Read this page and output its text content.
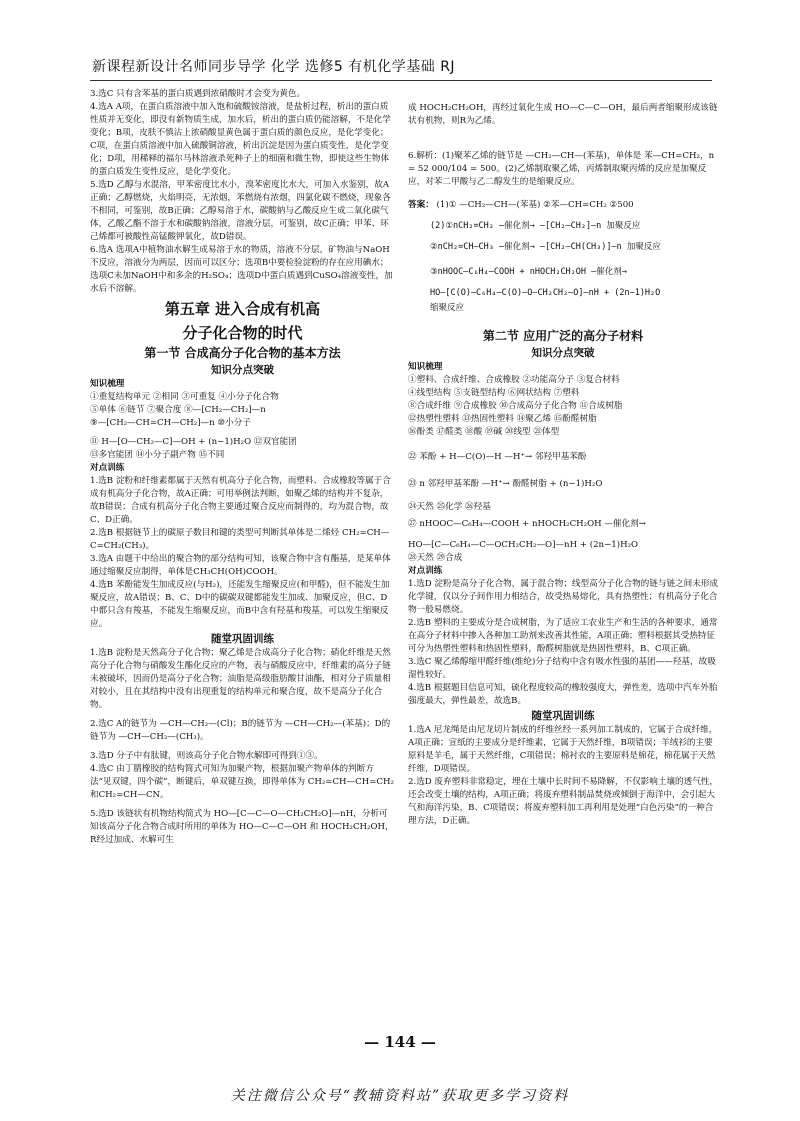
新课程新设计名师同步导学 化学 选修5 有机化学基础 RJ

3.选C 只有含苯基的蛋白质遇到浓硝酸时才会变为黄色。

4.选A A项，在蛋白质溶液中加入饱和硫酸铵溶液，是盐析过程，析出的蛋白质性质并无变化，即没有新物质生成，加水后，析出的蛋白质仍能溶解，不是化学变化；B项，皮肤不慎沾上浓硝酸显黄色属于蛋白质的颜色反应，是化学变化；C项，在蛋白质溶液中加入硫酸铜溶液，析出沉淀是因为蛋白质变性，是化学变化；D项，用稀释的福尔马林溶液杀死种子上的细菌和微生物，即使这些生物体的蛋白质发生变性反应，是化学变化。

5.选D 乙醇与水混溶，甲苯密度比水小，溴苯密度比水大，可加入水鉴别，故A正确；乙醇燃烧，火焰明亮，无浓烟，苯燃烧有浓烟，四氯化碳不燃烧，现象各不相同，可鉴别，故B正确；乙醇易溶于水，碳酸钠与乙酸反应生成二氧化碳气体，乙酸乙酯不溶于水和碳酸钠溶液，溶液分层，可鉴别，故C正确；甲苯、环己烯都可被酸性高锰酸钾氧化，故D错误。

6.选A 选项A中植物油水解生成易溶于水的物质，溶液不分层，矿物油与NaOH不反应，溶液分为两层，因而可以区分；选项B中要检验淀粉的存在应用碘水；选项C未加NaOH中和多余的H₂SO₄；选项D中蛋白质遇到CuSO₄溶液变性，加水后不溶解。

第五章 进入合成有机高
分子化合物的时代
第一节 合成高分子化合物的基本方法
知识分点突破
知识梳理

①重复结构单元 ②相同 ③可重复 ④小分子化合物

⑤单体 ⑥链节 ⑦聚合度 ⑧—[CH₂—CH₂]—n

⑨—[CH₂—CH=CH—CH₂]—n ⑩小分子

⑪ H—[O—CH₂—C]—OH + (n−1)H₂O ⑫双官能团

⑬多官能团 ⑭小分子副产物 ⑮不同

对点训练

1.选B 淀粉和纤维素都属于天然有机高分子化合物，而塑料、合成橡胶等属于合成有机高分子化合物，故A正确；可用举例法判断，如聚乙烯的结构并不复杂，故B错误；合成有机高分子化合物主要通过聚合反应而制得的，均为混合物，故C、D正确。

2.选B 根据链节上的碳原子数目和键的类型可判断其单体是二烯烃 CH₂=CH—C=CH₂(CH₃)。

3.选A 由题干中给出的聚合物的部分结构可知，该聚合物中含有酯基，是某单体通过缩聚反应制得，单体是CH₃CH(OH)COOH。

4.选B 苯酚能发生加成反应(与H₂)，还能发生缩聚反应(和甲醛)，但不能发生加聚反应，故A错误；B、C、D中的碳碳双键都能发生加成、加聚反应，但C、D中都只含有羧基，不能发生缩聚反应，而B中含有羟基和羧基，可以发生缩聚反应。

随堂巩固训练

1.选B 淀粉是天然高分子化合物；聚乙烯是合成高分子化合物；硝化纤维是天然高分子化合物与硝酸发生酯化反应的产物，表与硝酸反应中，纤维素的高分子链未被破坏，因而仍是高分子化合物；油脂是高级脂肪酸甘油酯，相对分子质量相对较小，且在其结构中没有出现重复的结构单元和聚合度，故不是高分子化合物。

2.选C A的链节为 —CH—CH₂—(Cl)；B的链节为 —CH—CH₂—(苯基)；D的链节为 —CH—CH₂—(CH₃)。

3.选D 分子中有肽键，则该高分子化合物水解即可得到①③。

4.选C 由丁腈橡胶的结构简式可知为加聚产物，根据加聚产物单体的判断方法“见双键，四个碳”，断键后，单双键互换，即得单体为 CH₂=CH—CH=CH₂和CH₂=CH—CN。

5.选D 该链状有机物结构简式为 HO—[C—C—O—CH₂CH₂O]—nH，分析可知该高分子化合物合成时所用的单体为 HO—C—C—OH 和 HOCH₂CH₂OH，R经过加成、水解可生

成 HOCH₂CH₂OH，再经过氧化生成 HO—C—C—OH，最后两者缩聚形成该链状有机物，则R为乙烯。

6.解析：(1)聚苯乙烯的链节是 —CH₂—CH—(苯基)，单体是 苯—CH=CH₂，n = 52 000/104 = 500。(2)乙烯制取聚乙烯，丙烯制取聚丙烯的反应是加聚反应，对苯二甲酸与乙二醇发生的是缩聚反应。

答案： (1)① —CH₂—CH—(苯基) ②苯—CH=CH₂ ②500
(2)①nCH₂=CH₂ —催化剂→ —[CH₂—CH₂]—n 加聚反应
②nCH₂=CH—CH₃ —催化剂→ —[CH₂—CH(CH₃)]—n 加聚反应
③nHOOC—C₆H₄—COOH + nHOCH₂CH₂OH —催化剂→
HO—[C(O)—C₆H₄—C(O)—O—CH₂CH₂—O]—nH + (2n−1)H₂O
缩聚反应
第二节 应用广泛的高分子材料
知识分点突破
知识梳理

①塑料、合成纤维、合成橡胶 ②功能高分子 ③复合材料

④线型结构 ⑤支链型结构 ⑥网状结构 ⑦塑料

⑧合成纤维 ⑨合成橡胶 ⑩合成高分子化合物 ⑪合成树脂

⑫热塑性塑料 ⑬热固性塑料 ⑭聚乙烯 ⑮酚醛树脂

⑯酚类 ⑰醛类 ⑱酸 ⑲碱 ⑳线型 ㉑体型

㉒ 苯酚 + H—C(O)—H —H⁺→ 邻羟甲基苯酚

㉓ n 邻羟甲基苯酚 —H⁺→ 酚醛树脂 + (n−1)H₂O

㉔天然 ㉕化学 ㉖羟基

㉗ nHOOC—C₆H₄—COOH + nHOCH₂CH₂OH —催化剂→

HO—[C—C₆H₄—C—OCH₂CH₂—O]—nH + (2n−1)H₂O

㉘天然 ㉙合成

对点训练

1.选D 淀粉是高分子化合物，属于混合物；线型高分子化合物的链与链之间未形成化学键，仅以分子间作用力相结合，故受热易熔化，具有热塑性；有机高分子化合物一般易燃烧。

2.选B 塑料的主要成分是合成树脂，为了适应工农业生产和生活的各种要求，通常在高分子材料中掺入各种加工助剂来改善其性能，A项正确；塑料根据其受热特征可分为热塑性塑料和热固性塑料，酚醛树脂就是热固性塑料，B、C项正确。

3.选C 聚乙烯醇缩甲醛纤维(维纶)分子结构中含有吸水性强的基团——羟基，故吸湿性较好。

4.选B 根据题目信息可知，硫化程度较高的橡胶强度大，弹性差，选项中汽车外胎强度最大，弹性最差，故选B。

随堂巩固训练

1.选A 尼龙绳是由尼龙切片制成的纤维丝经一系列加工制成的，它属于合成纤维，A项正确；宣纸的主要成分是纤维素，它属于天然纤维，B项错误；羊绒衫的主要原料是羊毛，属于天然纤维，C项错误；棉衬衣的主要原料是棉花，棉花属于天然纤维，D项错误。

2.选D 废弃塑料非常稳定，埋在土壤中长时间不易降解，不仅影响土壤的透气性，还会改变土壤的结构，A项正确；将废弃塑料制品焚烧或倾倒于海洋中，会引起大气和海洋污染，B、C项错误；将废弃塑料加工再利用是处理“白色污染”的一种合理方法，D正确。

— 144 —
关注微信公众号“教辅资料站”获取更多学习资料
